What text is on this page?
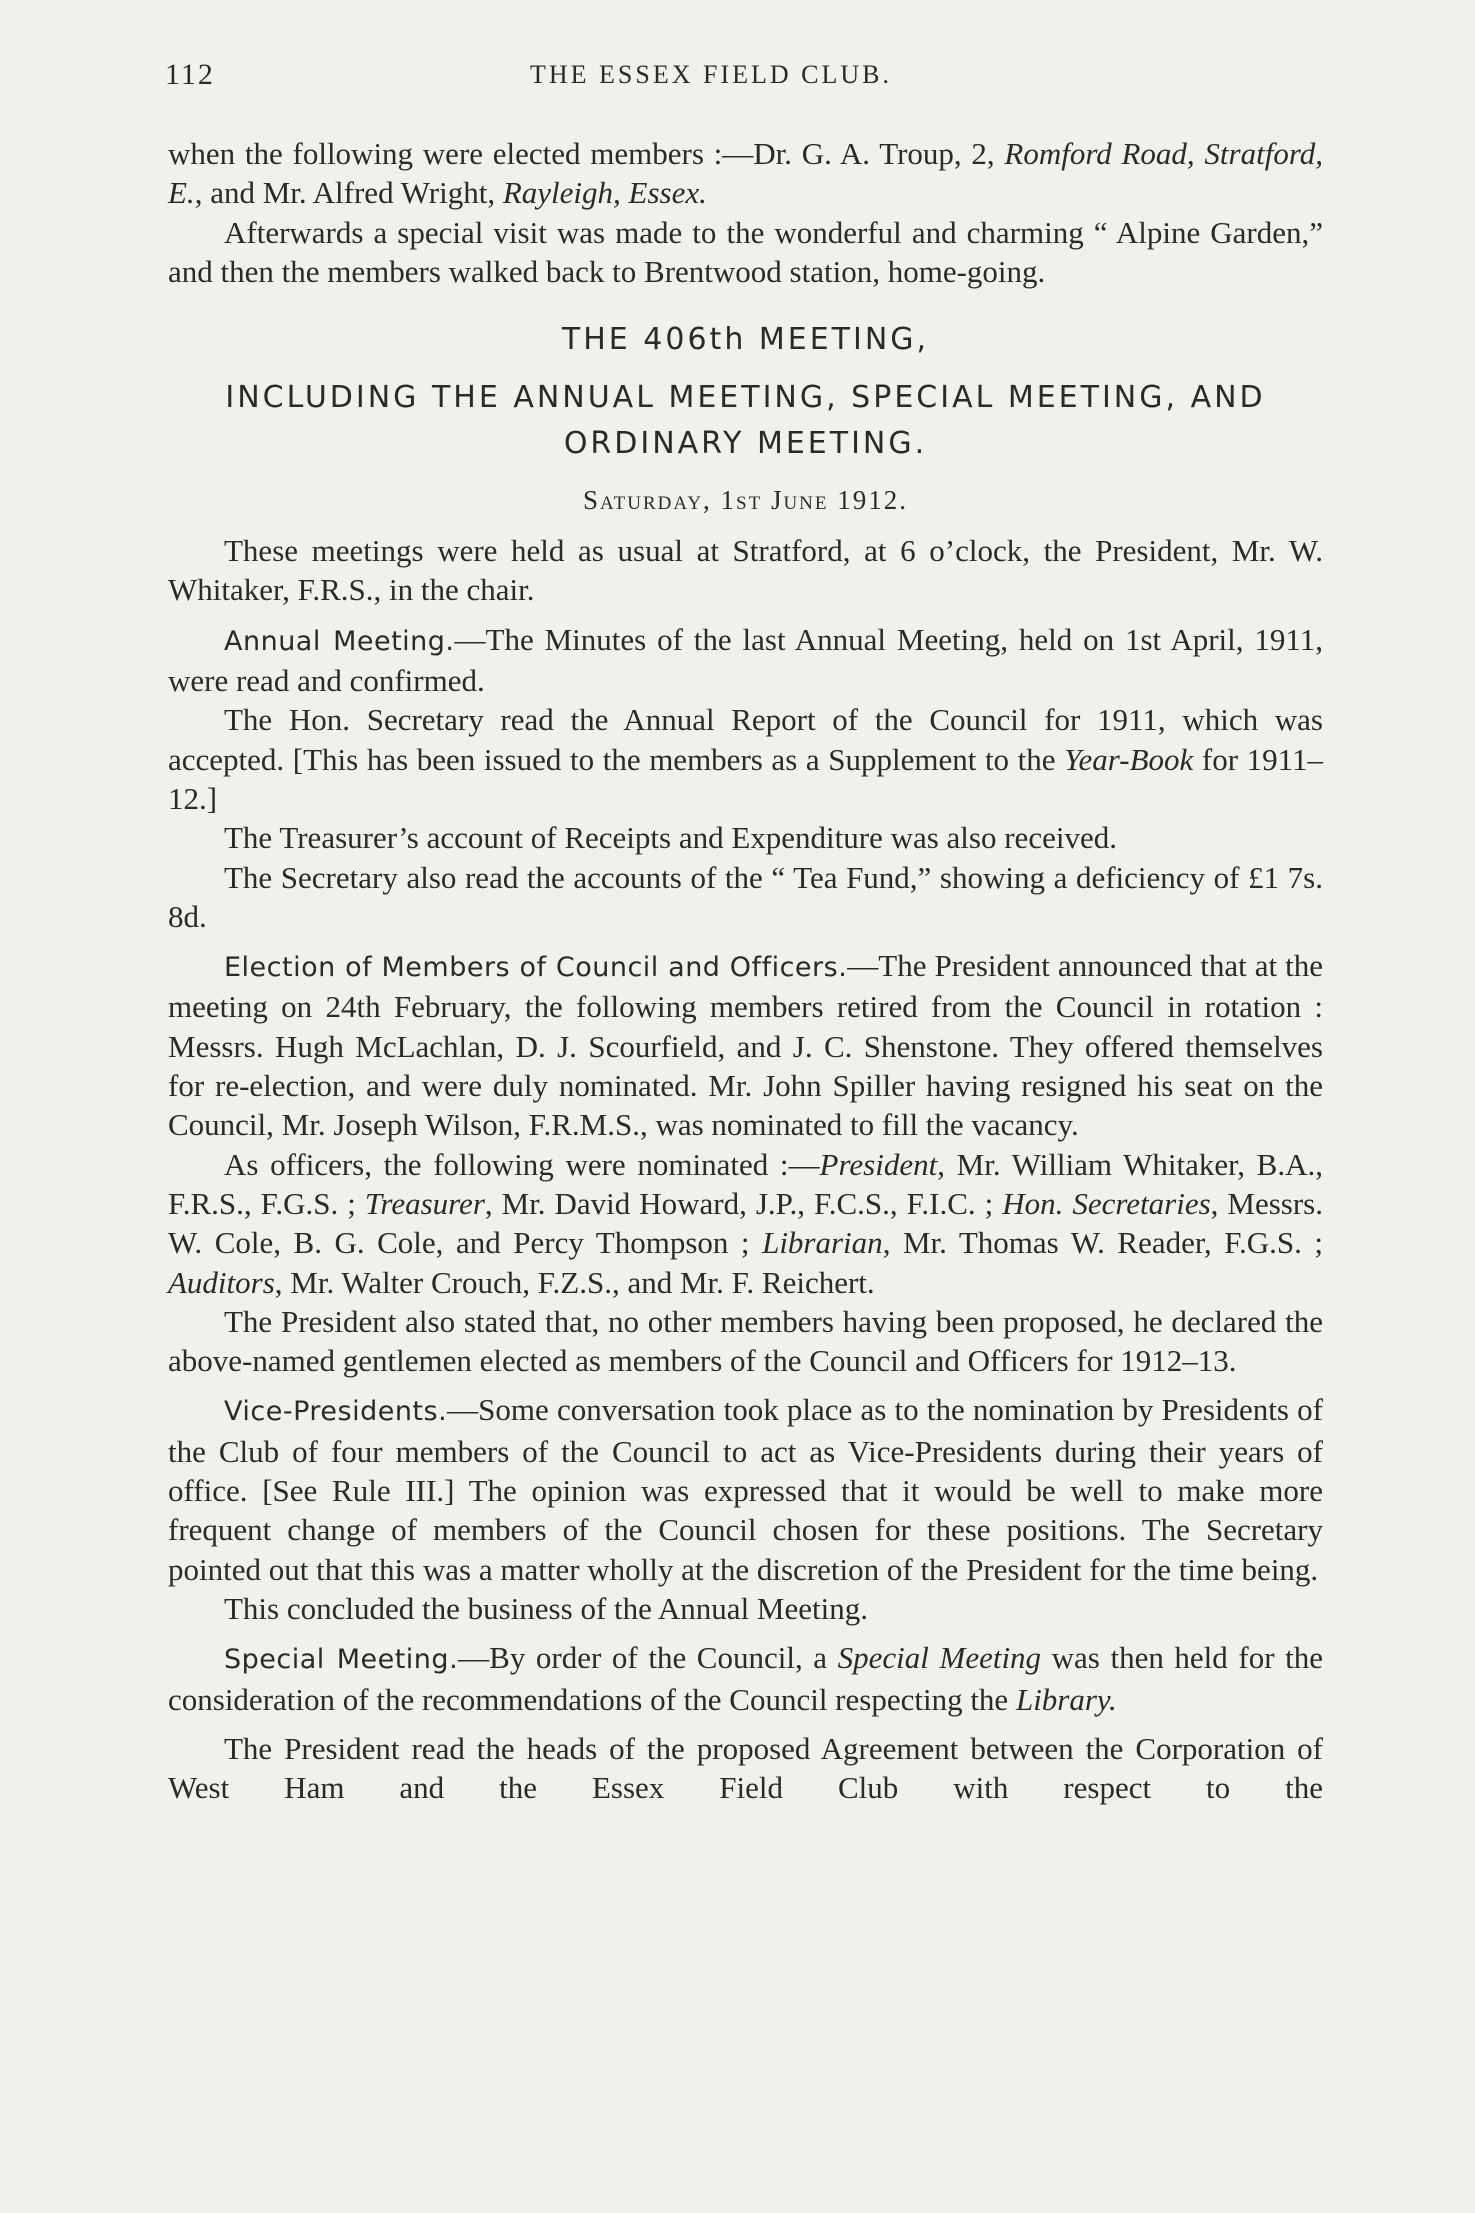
112	THE ESSEX FIELD CLUB.

when the following were elected members :—Dr. G. A. Troup, 2, Romford Road, Stratford, E., and Mr. Alfred Wright, Rayleigh, Essex.

Afterwards a special visit was made to the wonderful and charming “ Alpine Garden,” and then the members walked back to Brentwood station, home-going.

THE 406th MEETING,

INCLUDING THE ANNUAL MEETING, SPECIAL MEETING, AND ORDINARY MEETING.

Saturday, 1st June 1912.

These meetings were held as usual at Stratford, at 6 o’clock, the President, Mr. W. Whitaker, F.R.S., in the chair.

Annual Meeting.—The Minutes of the last Annual Meeting, held on 1st April, 1911, were read and confirmed.

The Hon. Secretary read the Annual Report of the Council for 1911, which was accepted. [This has been issued to the members as a Supplement to the Year-Book for 1911–12.]

The Treasurer’s account of Receipts and Expenditure was also received.

The Secretary also read the accounts of the “ Tea Fund,” showing a deficiency of £1 7s. 8d.

Election of Members of Council and Officers.—The President announced that at the meeting on 24th February, the following members retired from the Council in rotation : Messrs. Hugh McLachlan, D. J. Scourfield, and J. C. Shenstone. They offered themselves for re-election, and were duly nominated. Mr. John Spiller having resigned his seat on the Council, Mr. Joseph Wilson, F.R.M.S., was nominated to fill the vacancy.

As officers, the following were nominated :—President, Mr. William Whitaker, B.A., F.R.S., F.G.S. ; Treasurer, Mr. David Howard, J.P., F.C.S., F.I.C. ; Hon. Secretaries, Messrs. W. Cole, B. G. Cole, and Percy Thompson ; Librarian, Mr. Thomas W. Reader, F.G.S. ; Auditors, Mr. Walter Crouch, F.Z.S., and Mr. F. Reichert.

The President also stated that, no other members having been proposed, he declared the above-named gentlemen elected as members of the Council and Officers for 1912–13.

Vice-Presidents.—Some conversation took place as to the nomination by Presidents of the Club of four members of the Council to act as Vice-Presidents during their years of office. [See Rule III.] The opinion was expressed that it would be well to make more frequent change of members of the Council chosen for these positions. The Secretary pointed out that this was a matter wholly at the discretion of the President for the time being.

This concluded the business of the Annual Meeting.

Special Meeting.—By order of the Council, a Special Meeting was then held for the consideration of the recommendations of the Council respecting the Library.

The President read the heads of the proposed Agreement between the Corporation of West Ham and the Essex Field Club with respect to the
